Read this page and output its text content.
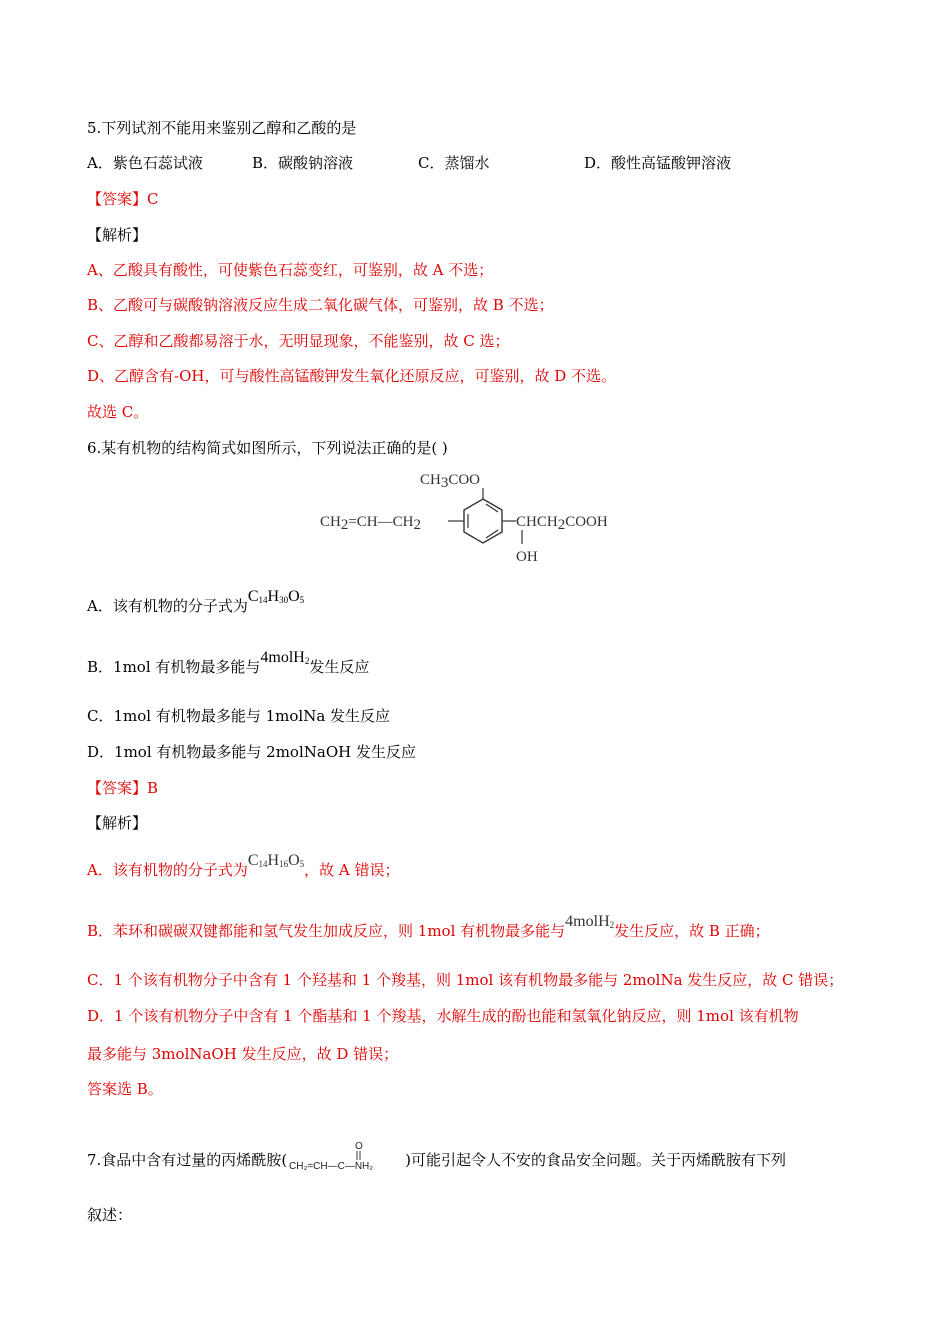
5.下列试剂不能用来鉴别乙醇和乙酸的是
A．紫色石蕊试液	B．碳酸钠溶液	C．蒸馏水	D．酸性高锰酸钾溶液
【答案】C
【解析】
A、乙酸具有酸性，可使紫色石蕊变红，可鉴别，故 A 不选；
B、乙酸可与碳酸钠溶液反应生成二氧化碳气体，可鉴别，故 B 不选；
C、乙醇和乙酸都易溶于水，无明显现象，不能鉴别，故 C 选；
D、乙醇含有-OH，可与酸性高锰酸钾发生氧化还原反应，可鉴别，故 D 不选。
故选 C。
6.某有机物的结构简式如图所示，下列说法正确的是( )
CH3COO
CH2=CH—CH2	CHCH2COOH
OH
A．该有机物的分子式为$C_{14}H_{30}O_5$
B．1mol 有机物最多能与4molH$_2$发生反应
C．1mol 有机物最多能与 1molNa 发生反应
D．1mol 有机物最多能与 2molNaOH 发生反应
【答案】B
【解析】
A．该有机物的分子式为$C_{14}H_{16}O_5$，故 A 错误；
B．苯环和碳碳双键都能和氢气发生加成反应，则 1mol 有机物最多能与4molH$_2$发生反应，故 B 正确；
C．1 个该有机物分子中含有 1 个羟基和 1 个羧基，则 1mol 该有机物最多能与 2molNa 发生反应，故 C 错误；
D．1 个该有机物分子中含有 1 个酯基和 1 个羧基，水解生成的酚也能和氢氧化钠反应，则 1mol 该有机物
最多能与 3molNaOH 发生反应，故 D 错误；
答案选 B。
7.食品中含有过量的丙烯酰胺(
O
CH₂=CH—C—NH₂ )可能引起令人不安的食品安全问题。关于丙烯酰胺有下列
叙述：
